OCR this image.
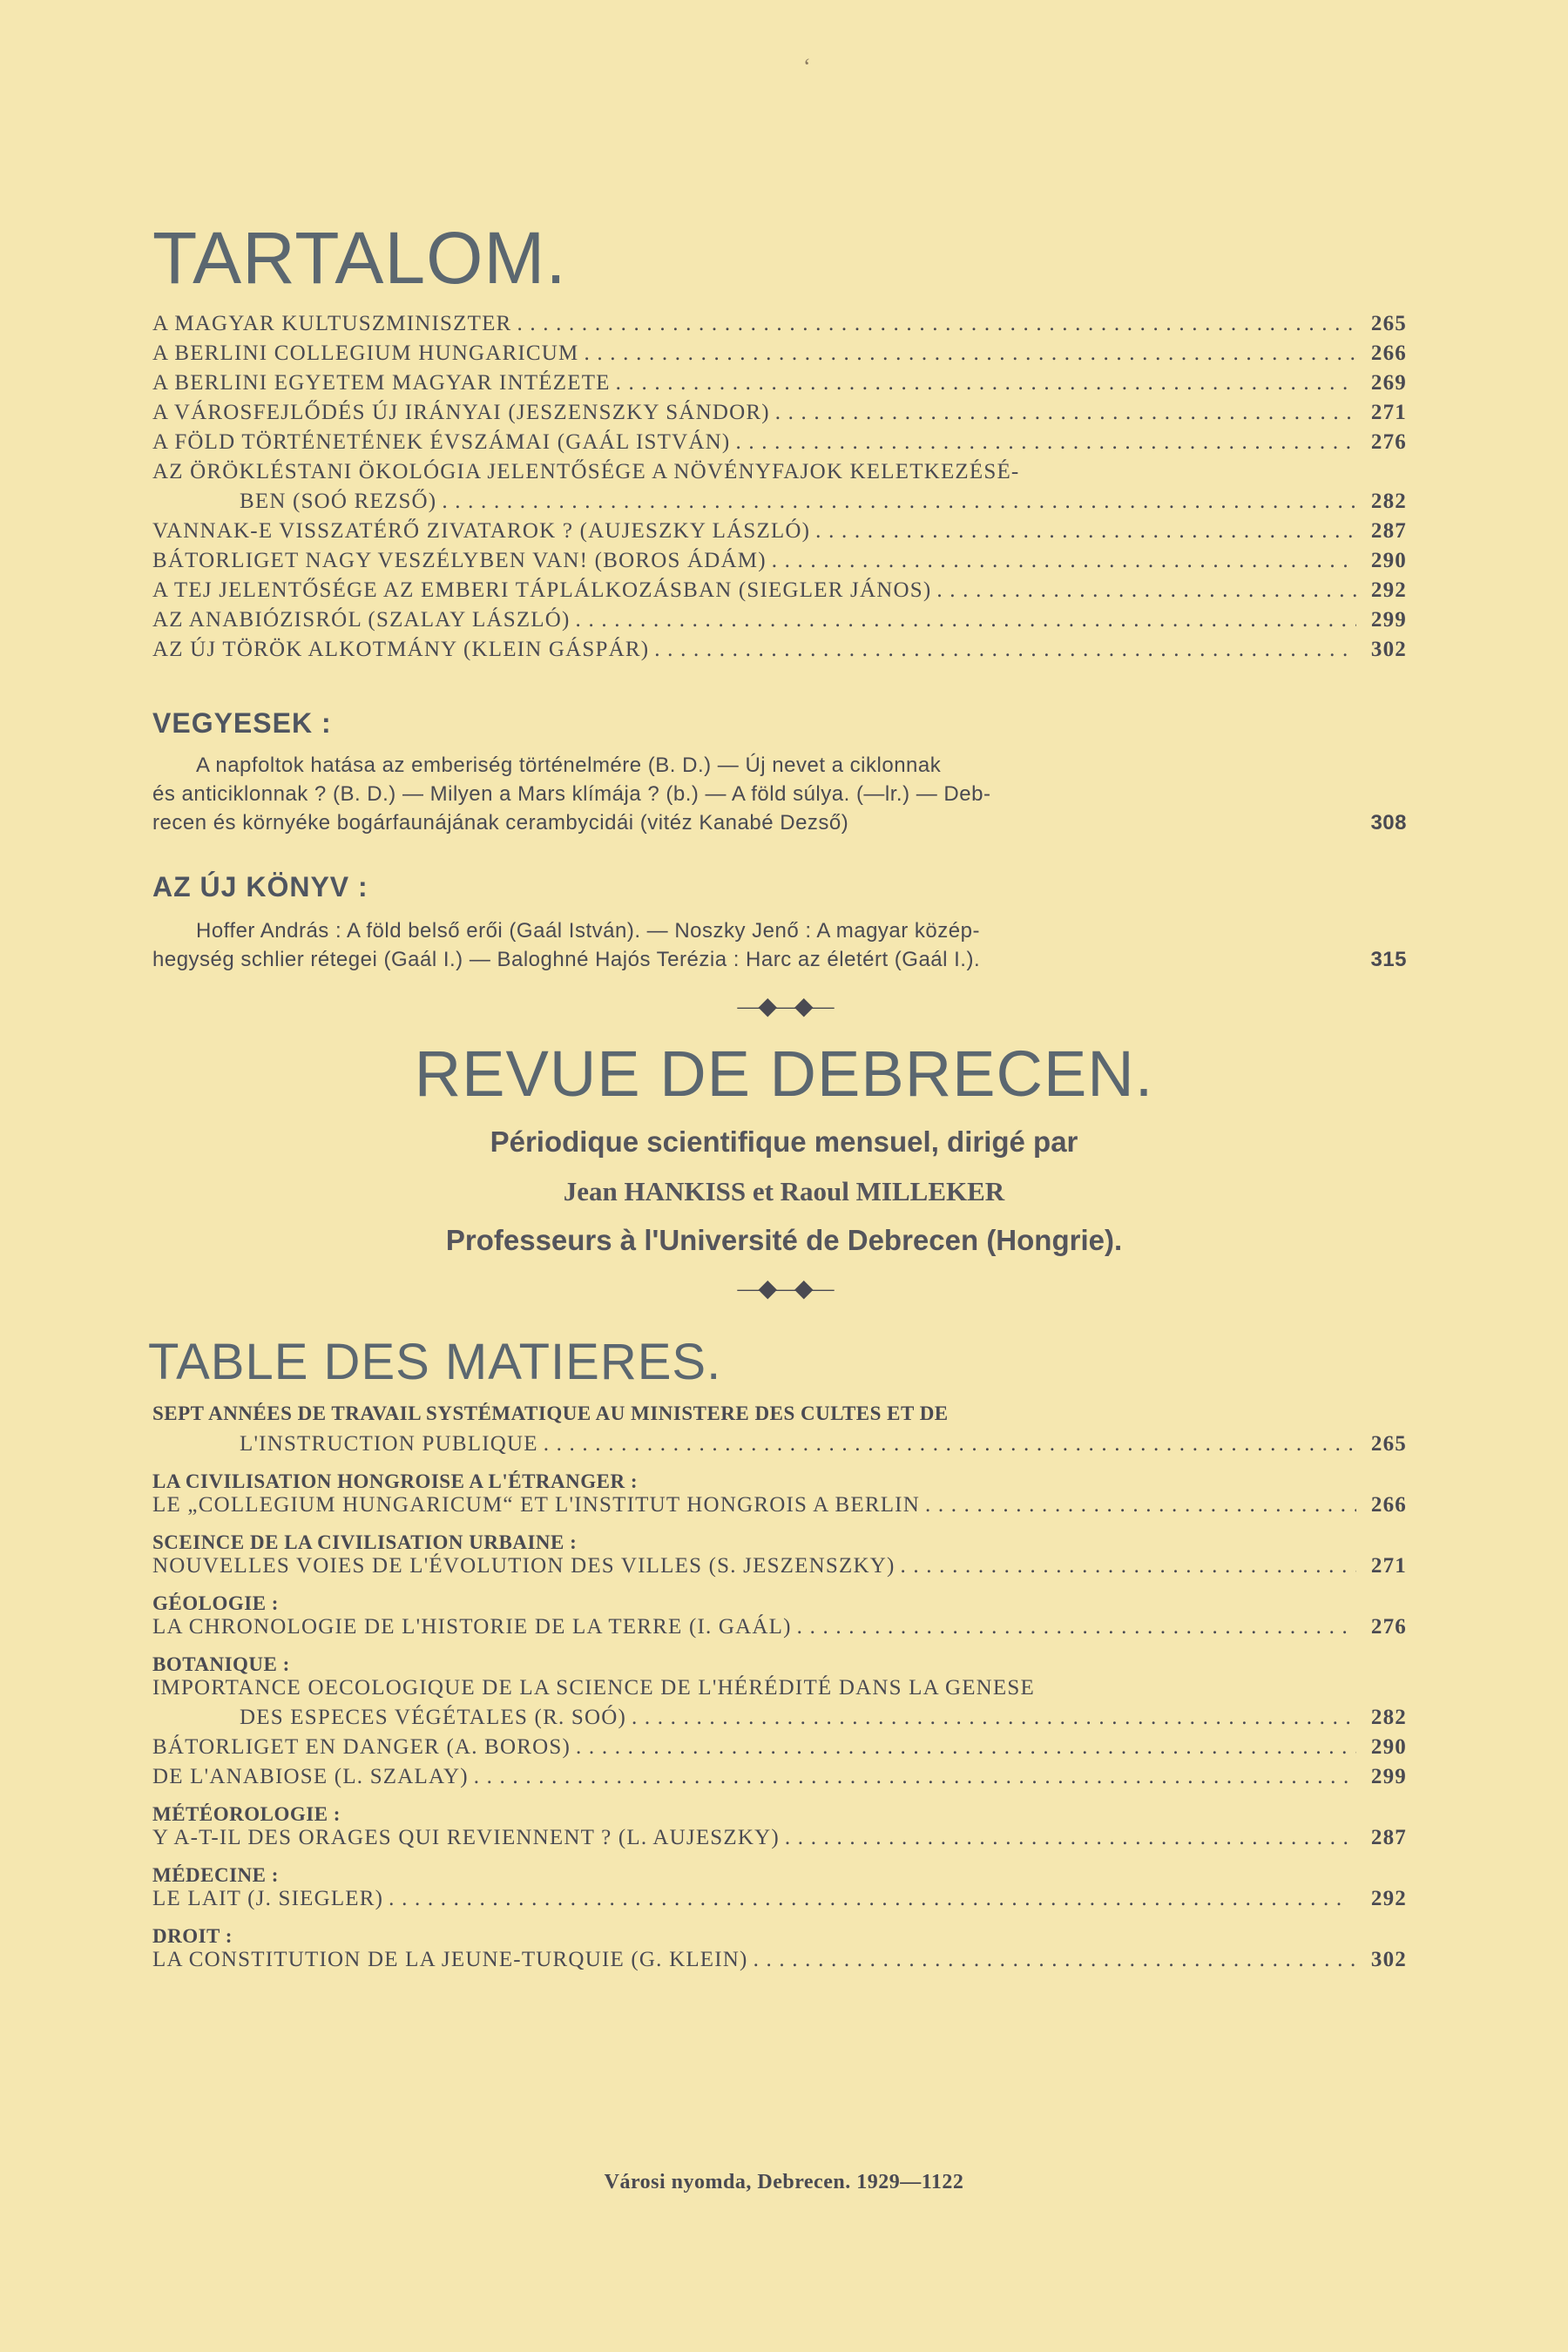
‘
TARTALOM.
A MAGYAR KULTUSZMINISZTER . . .	265
A BERLINI COLLEGIUM HUNGARICUM . . .	266
A BERLINI EGYETEM MAGYAR INTÉZETE . . .	269
A VÁROSFEJLŐDÉS ÚJ IRÁNYAI (JESZENSZKY SÁNDOR) . . .	271
A FÖLD TÖRTÉNETÉNEK ÉVSZÁMAI (GAÁL ISTVÁN) . . .	276
AZ ÖRÖKLÉSTANI ÖKOLÓGIA JELENTŐSÉGE A NÖVÉNYFAJOK KELETKEZÉSÉ-
BEN (SOÓ REZSŐ) . . .	282
VANNAK-E VISSZATÉRŐ ZIVATAROK ? (AUJESZKY LÁSZLÓ) . . .	287
BÁTORLIGET NAGY VESZÉLYBEN VAN! (BOROS ÁDÁM) . . .	290
A TEJ JELENTŐSÉGE AZ EMBERI TÁPLÁLKOZÁSBAN (SIEGLER JÁNOS) . . .	292
AZ ANABIÓZISRÓL (SZALAY LÁSZLÓ) . . .	299
AZ ÚJ TÖRÖK ALKOTMÁNY (KLEIN GÁSPÁR) . . .	302
VEGYESEK :
A napfoltok hatása az emberiség történelmére (B. D.) — Új nevet a ciklonnak
és anticiklonnak ? (B. D.) — Milyen a Mars klímája ? (b.) — A föld súlya. (—lr.) — Deb-
recen és környéke bogárfaunájának cerambycidái (vitéz Kanabé Dezső)	308
AZ ÚJ KÖNYV :
Hoffer András : A föld belső erői (Gaál István). — Noszky Jenő : A magyar közép-
hegység schlier rétegei (Gaál I.) — Baloghné Hajós Terézia : Harc az életért (Gaál I.).	315
—◆—◆—
REVUE DE DEBRECEN.
Périodique scientifique mensuel, dirigé par
Jean HANKISS et Raoul MILLEKER
Professeurs à l'Université de Debrecen (Hongrie).
—◆—◆—
TABLE DES MATIERES.
SEPT ANNÉES DE TRAVAIL SYSTÉMATIQUE AU MINISTERE DES CULTES ET DE
L'INSTRUCTION PUBLIQUE . . .	265
LA CIVILISATION HONGROISE A L'ÉTRANGER :
LE „COLLEGIUM HUNGARICUM“ ET L'INSTITUT HONGROIS A BERLIN . . .	266
SCEINCE DE LA CIVILISATION URBAINE :
NOUVELLES VOIES DE L'ÉVOLUTION DES VILLES (S. JESZENSZKY) . . .	271
GÉOLOGIE :
LA CHRONOLOGIE DE L'HISTORIE DE LA TERRE (I. GAÁL) . . .	276
BOTANIQUE :
IMPORTANCE OECOLOGIQUE DE LA SCIENCE DE L'HÉRÉDITÉ DANS LA GENESE
DES ESPECES VÉGÉTALES (R. SOÓ) . . .	282
BÁTORLIGET EN DANGER (A. BOROS) . . .	290
DE L'ANABIOSE (L. SZALAY) . . .	299
MÉTÉOROLOGIE :
Y A-T-IL DES ORAGES QUI REVIENNENT ? (L. AUJESZKY) . . .	287
MÉDECINE :
LE LAIT (J. SIEGLER) . . .	292
DROIT :
LA CONSTITUTION DE LA JEUNE-TURQUIE (G. KLEIN) . . .	302
Városi nyomda, Debrecen. 1929—1122
